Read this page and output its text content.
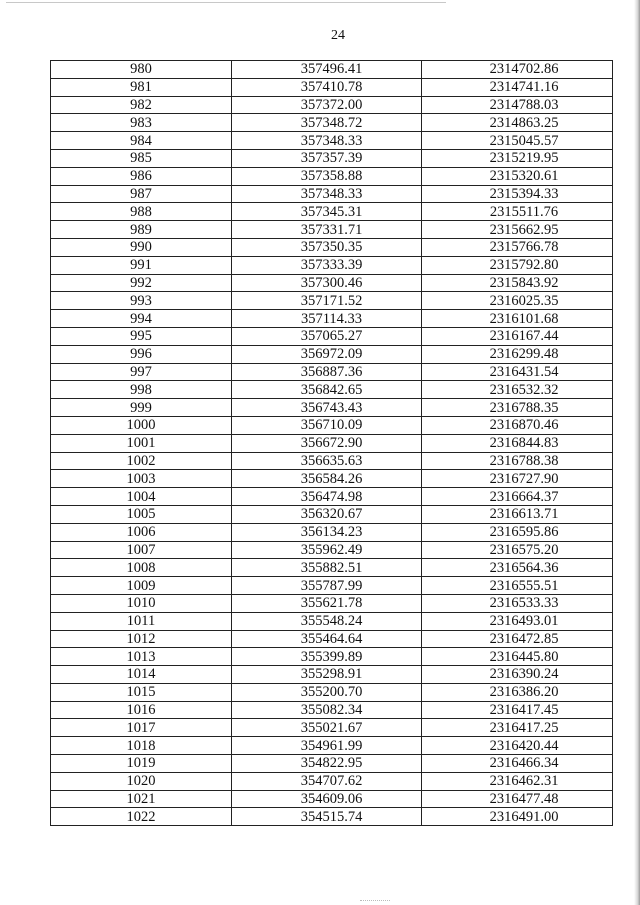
24
980	357496.41	2314702.86
981	357410.78	2314741.16
982	357372.00	2314788.03
983	357348.72	2314863.25
984	357348.33	2315045.57
985	357357.39	2315219.95
986	357358.88	2315320.61
987	357348.33	2315394.33
988	357345.31	2315511.76
989	357331.71	2315662.95
990	357350.35	2315766.78
991	357333.39	2315792.80
992	357300.46	2315843.92
993	357171.52	2316025.35
994	357114.33	2316101.68
995	357065.27	2316167.44
996	356972.09	2316299.48
997	356887.36	2316431.54
998	356842.65	2316532.32
999	356743.43	2316788.35
1000	356710.09	2316870.46
1001	356672.90	2316844.83
1002	356635.63	2316788.38
1003	356584.26	2316727.90
1004	356474.98	2316664.37
1005	356320.67	2316613.71
1006	356134.23	2316595.86
1007	355962.49	2316575.20
1008	355882.51	2316564.36
1009	355787.99	2316555.51
1010	355621.78	2316533.33
1011	355548.24	2316493.01
1012	355464.64	2316472.85
1013	355399.89	2316445.80
1014	355298.91	2316390.24
1015	355200.70	2316386.20
1016	355082.34	2316417.45
1017	355021.67	2316417.25
1018	354961.99	2316420.44
1019	354822.95	2316466.34
1020	354707.62	2316462.31
1021	354609.06	2316477.48
1022	354515.74	2316491.00
